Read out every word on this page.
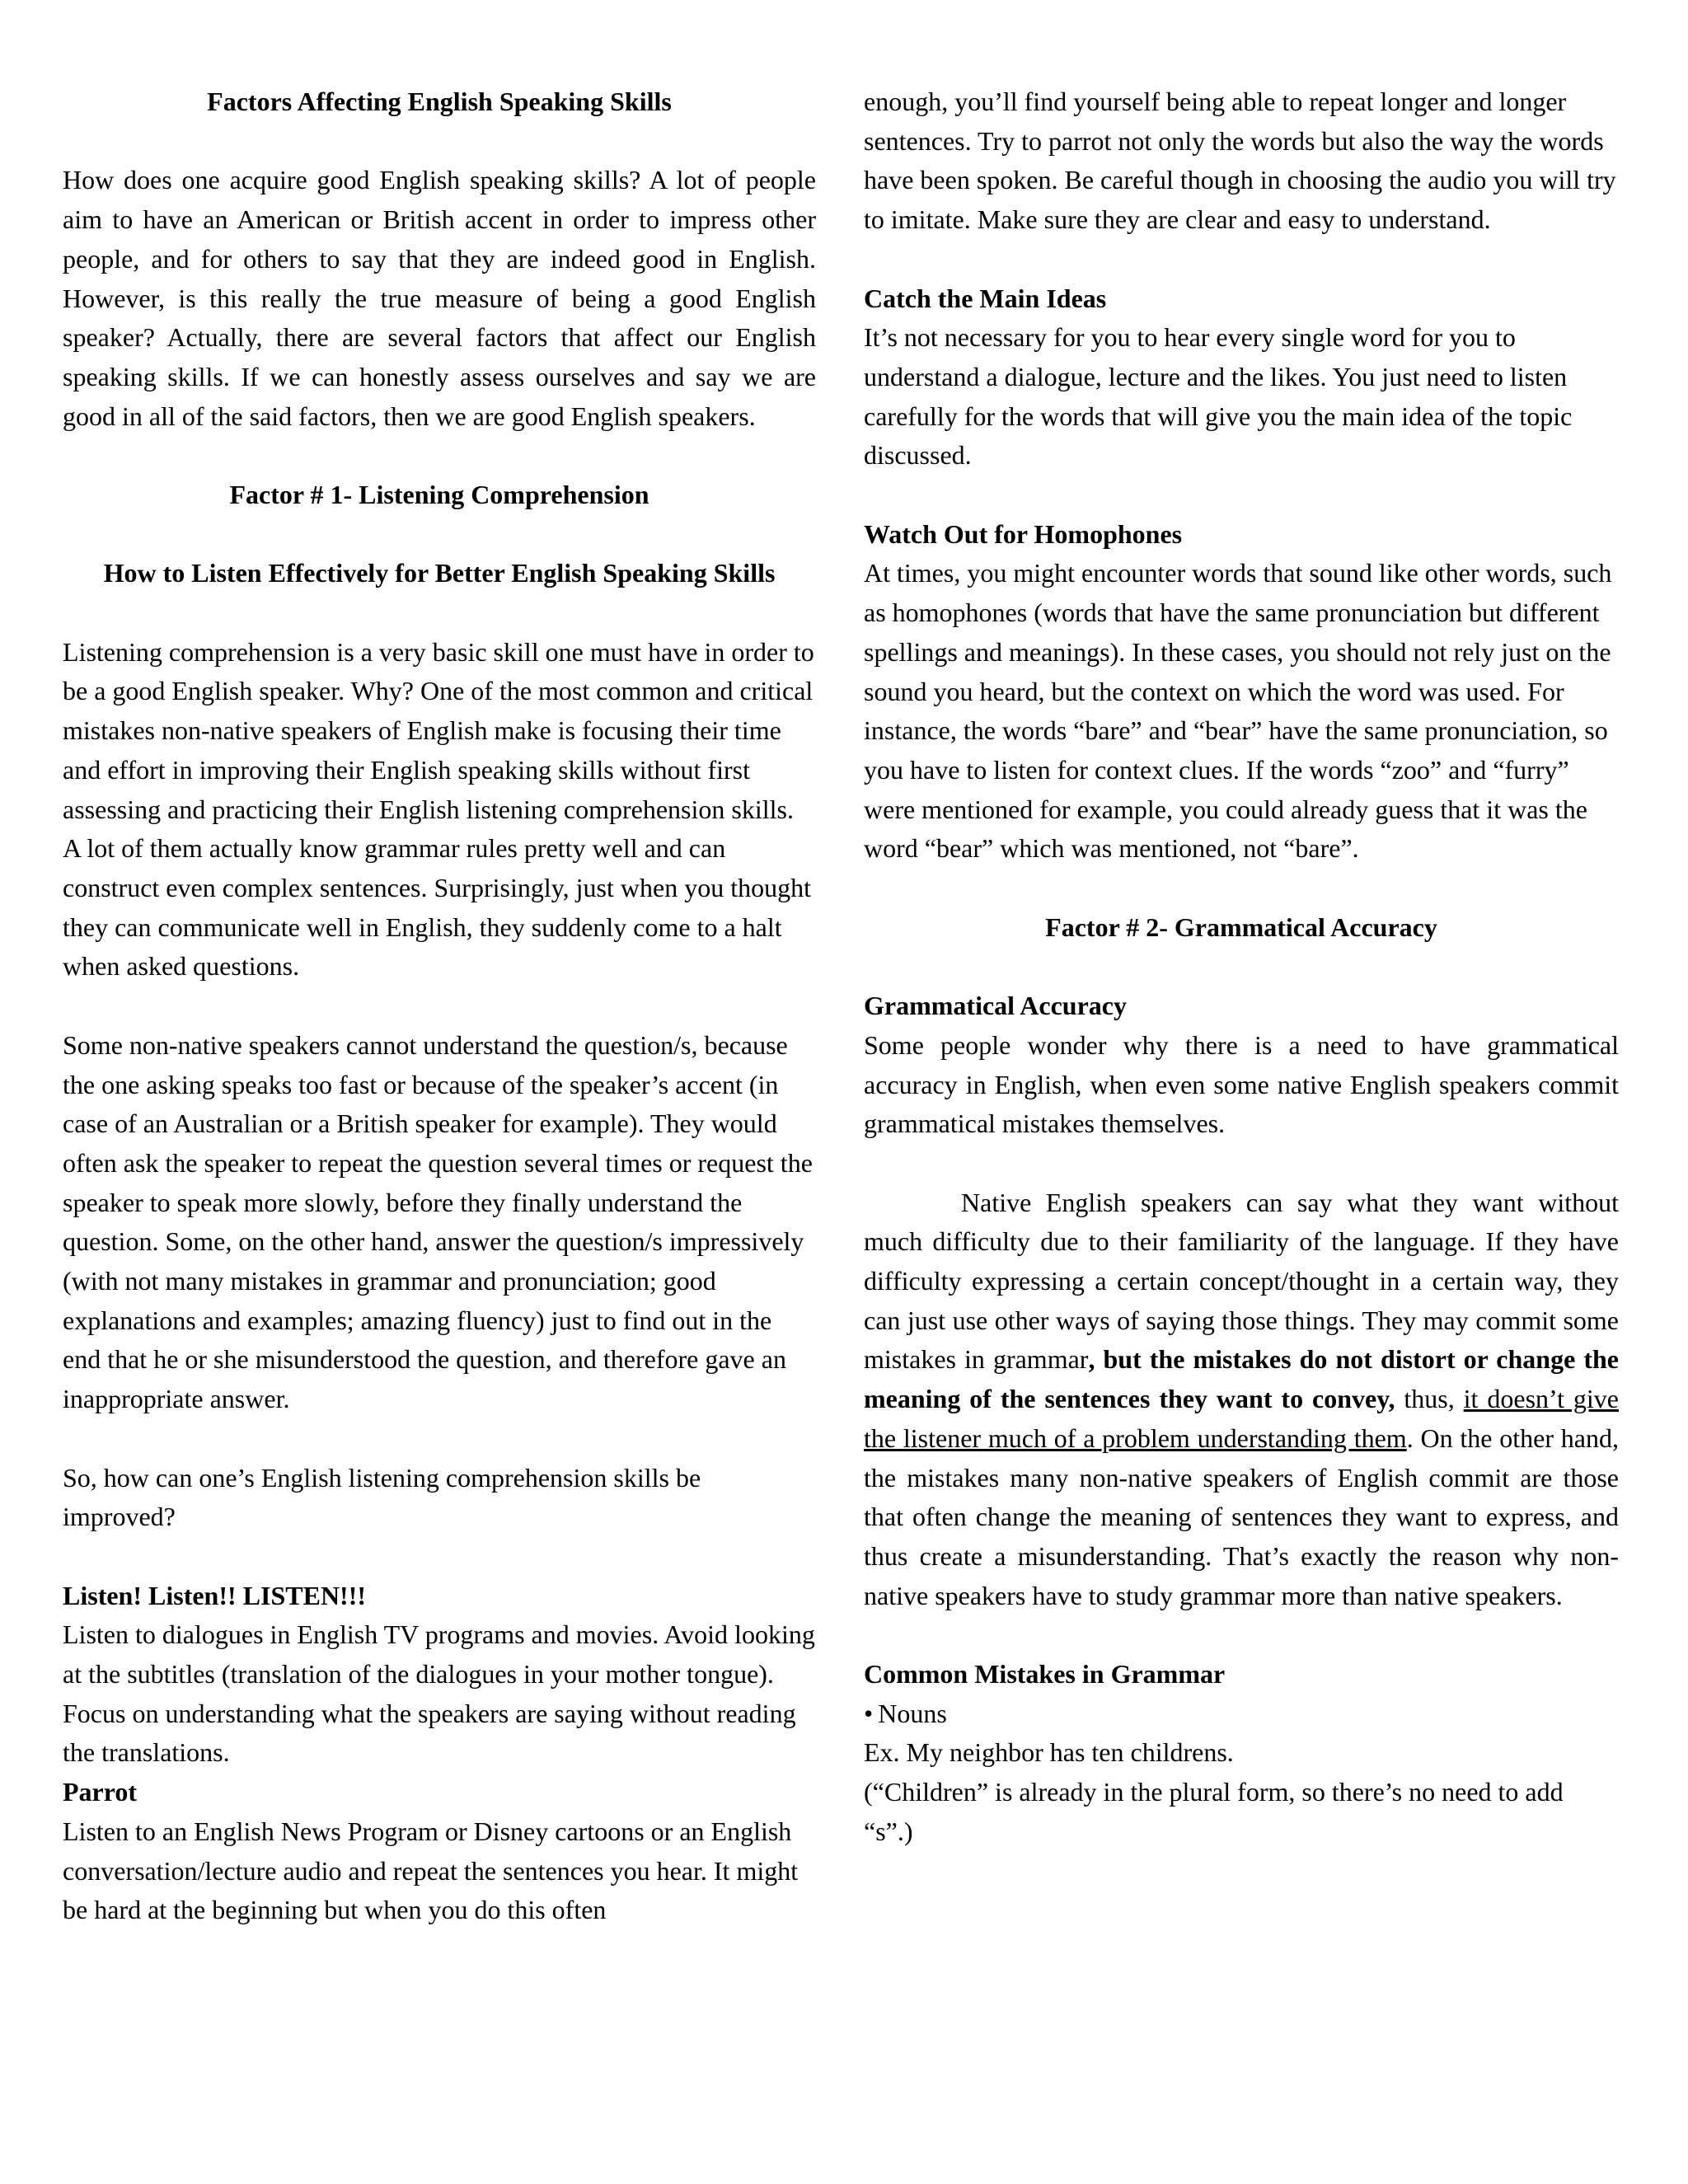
Factors Affecting English Speaking Skills

How does one acquire good English speaking skills? A lot of people aim to have an American or British accent in order to impress other people, and for others to say that they are indeed good in English. However, is this really the true measure of being a good English speaker? Actually, there are several factors that affect our English speaking skills. If we can honestly assess ourselves and say we are good in all of the said factors, then we are good English speakers.

Factor # 1- Listening Comprehension

How to Listen Effectively for Better English Speaking Skills

Listening comprehension is a very basic skill one must have in order to be a good English speaker. Why? One of the most common and critical mistakes non-native speakers of English make is focusing their time and effort in improving their English speaking skills without first assessing and practicing their English listening comprehension skills. A lot of them actually know grammar rules pretty well and can construct even complex sentences. Surprisingly, just when you thought they can communicate well in English, they suddenly come to a halt when asked questions.

Some non-native speakers cannot understand the question/s, because the one asking speaks too fast or because of the speaker’s accent (in case of an Australian or a British speaker for example). They would often ask the speaker to repeat the question several times or request the speaker to speak more slowly, before they finally understand the question. Some, on the other hand, answer the question/s impressively (with not many mistakes in grammar and pronunciation; good explanations and examples; amazing fluency) just to find out in the end that he or she misunderstood the question, and therefore gave an inappropriate answer.

So, how can one’s English listening comprehension skills be improved?

Listen! Listen!! LISTEN!!!

Listen to dialogues in English TV programs and movies. Avoid looking at the subtitles (translation of the dialogues in your mother tongue). Focus on understanding what the speakers are saying without reading the translations.

Parrot

Listen to an English News Program or Disney cartoons or an English conversation/lecture audio and repeat the sentences you hear. It might be hard at the beginning but when you do this often

enough, you’ll find yourself being able to repeat longer and longer sentences. Try to parrot not only the words but also the way the words have been spoken. Be careful though in choosing the audio you will try to imitate. Make sure they are clear and easy to understand.

Catch the Main Ideas

It’s not necessary for you to hear every single word for you to understand a dialogue, lecture and the likes. You just need to listen carefully for the words that will give you the main idea of the topic discussed.

Watch Out for Homophones

At times, you might encounter words that sound like other words, such as homophones (words that have the same pronunciation but different spellings and meanings). In these cases, you should not rely just on the sound you heard, but the context on which the word was used. For instance, the words “bare” and “bear” have the same pronunciation, so you have to listen for context clues. If the words “zoo” and “furry” were mentioned for example, you could already guess that it was the word “bear” which was mentioned, not “bare”.

Factor # 2- Grammatical Accuracy

Grammatical Accuracy

Some people wonder why there is a need to have grammatical accuracy in English, when even some native English speakers commit grammatical mistakes themselves.

Native English speakers can say what they want without much difficulty due to their familiarity of the language. If they have difficulty expressing a certain concept/thought in a certain way, they can just use other ways of saying those things. They may commit some mistakes in grammar, but the mistakes do not distort or change the meaning of the sentences they want to convey, thus, it doesn’t give the listener much of a problem understanding them. On the other hand, the mistakes many non-native speakers of English commit are those that often change the meaning of sentences they want to express, and thus create a misunderstanding. That’s exactly the reason why non-native speakers have to study grammar more than native speakers.

Common Mistakes in Grammar

• Nouns

Ex. My neighbor has ten childrens.

(“Children” is already in the plural form, so there’s no need to add “s”.)
